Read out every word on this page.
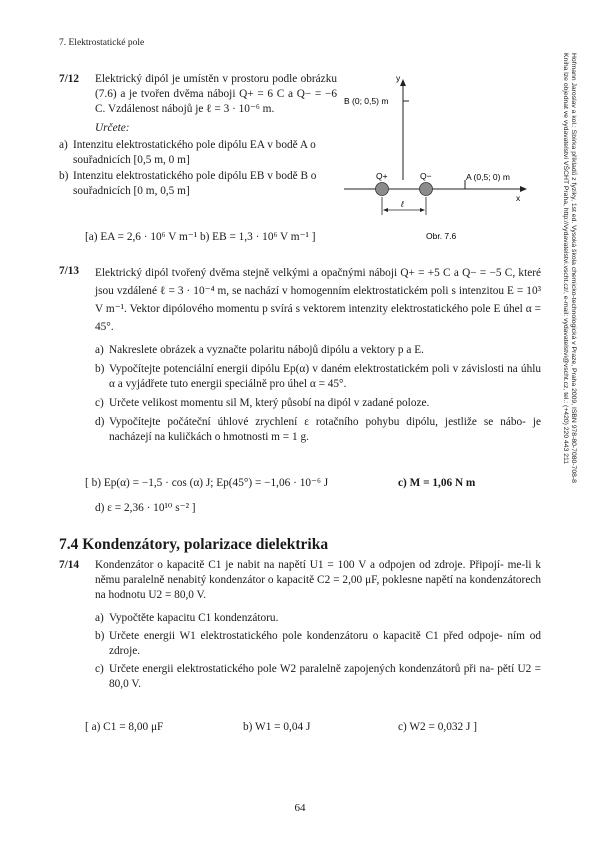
7. Elektrostatické pole
Hofmann Jaroslav a kol.: Sbírka příkladů z fyziky, 1st ed. Vysoká škola chemicko-technologická v Praze, Praha 2009, ISBN 978-80-7080-708-8
Kniha lze objednat ve vydavatelství VŠCHT Praha, http://vydavatelstvi.vscht.cz/, e-mail: vydavatelstvi@vscht.cz, tel.: (+420) 220 443 211
7/12 Elektrický dipól je umístěn v prostoru podle obrázku (7.6) a je tvořen dvěma náboji Q+ = 6 C a Q− = −6 C. Vzdálenost nábojů je ℓ = 3 · 10⁻⁶ m.

Určete:

a) Intenzitu elektrostatického pole dipólu EA v bodě A o souřadnicích [0,5 m, 0 m]
b) Intenzitu elektrostatického pole dipólu EB v bodě B o souřadnicích [0 m, 0,5 m]
[a) EA = 2,6 · 10⁶ V m⁻¹ b) EB = 1,3 · 10⁶ V m⁻¹ ]
y
x
B (0; 0,5) m
A (0,5; 0) m
Q+	Q−
ℓ
Obr. 7.6
7/13 Elektrický dipól tvořený dvěma stejně velkými a opačnými náboji Q+ = +5 C a Q− = −5 C, které jsou vzdálené ℓ = 3 · 10⁻⁴ m, se nachází v homogenním elektrostatickém poli s intenzitou E = 10³ V m⁻¹. Vektor dipólového momentu p svírá s vektorem intenzity elektrostatického pole E úhel α = 45°.

a) Nakreslete obrázek a vyznačte polaritu nábojů dipólu a vektory p a E.
b) Vypočítejte potenciální energii dipólu Ep(α) v daném elektrostatickém poli v závislosti na úhlu α a vyjádřete tuto energii speciálně pro úhel α = 45°.
c) Určete velikost momentu sil M, který působí na dipól v zadané poloze.
d) Vypočítejte počáteční úhlové zrychlení ε rotačního pohybu dipólu, jestliže se nábo- je nacházejí na kuličkách o hmotnosti m = 1 g.
[ b) Ep(α) = −1,5 · cos (α) J; Ep(45°) = −1,06 · 10⁻⁶ J	c) M = 1,06 N m
d) ε = 2,36 · 10¹⁰ s⁻² ]
7.4 Kondenzátory, polarizace dielektrika
7/14 Kondenzátor o kapacitě C1 je nabit na napětí U1 = 100 V a odpojen od zdroje. Připojí- me-li k němu paralelně nenabitý kondenzátor o kapacitě C2 = 2,00 μF, poklesne napětí na kondenzátorech na hodnotu U2 = 80,0 V.

a) Vypočtěte kapacitu C1 kondenzátoru.
b) Určete energii W1 elektrostatického pole kondenzátoru o kapacitě C1 před odpoje- ním od zdroje.
c) Určete energii elektrostatického pole W2 paralelně zapojených kondenzátorů při na- pětí U2 = 80,0 V.
[ a) C1 = 8,00 μF	b) W1 = 0,04 J	c) W2 = 0,032 J ]
64
